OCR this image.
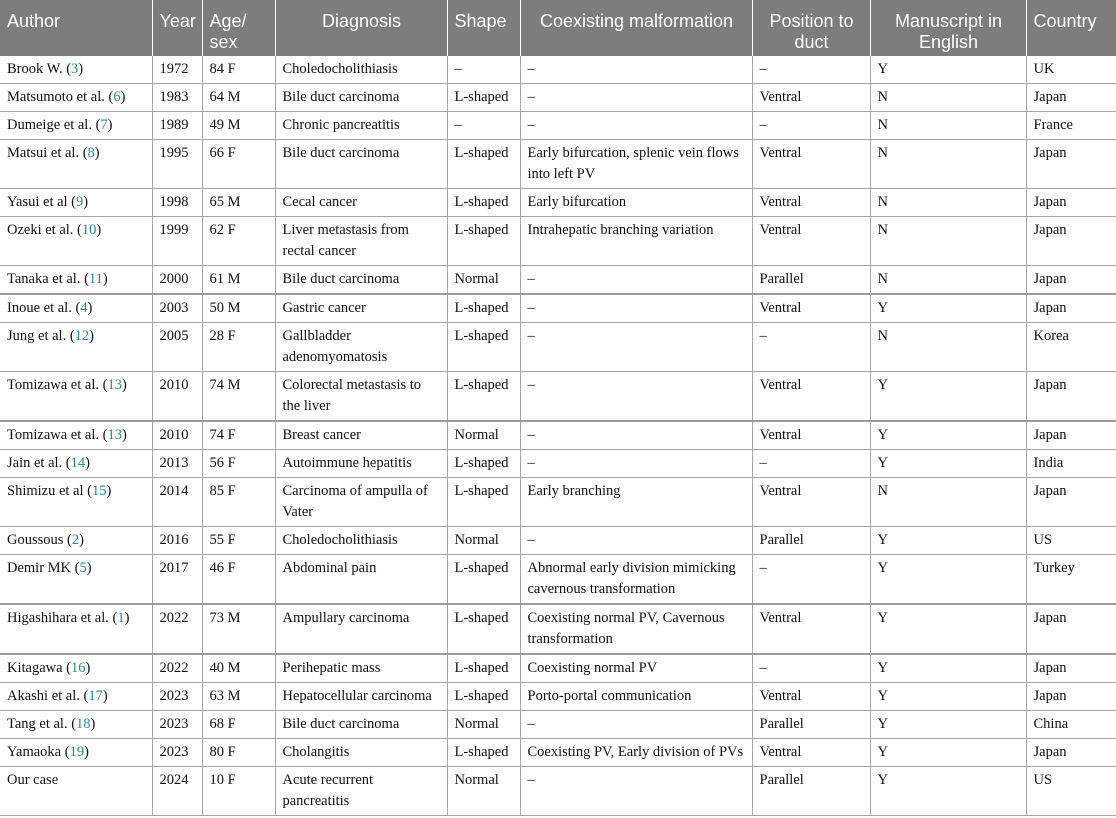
Author	Year	Age/ sex	Diagnosis	Shape	Coexisting malformation	Position to duct	Manuscript in English	Country
Brook W. (3)	1972	84 F	Choledocholithiasis	–	–	–	Y	UK
Matsumoto et al. (6)	1983	64 M	Bile duct carcinoma	L-shaped	–	Ventral	N	Japan
Dumeige et al. (7)	1989	49 M	Chronic pancreatitis	–	–	–	N	France
Matsui et al. (8)	1995	66 F	Bile duct carcinoma	L-shaped	Early bifurcation, splenic vein flows into left PV	Ventral	N	Japan
Yasui et al (9)	1998	65 M	Cecal cancer	L-shaped	Early bifurcation	Ventral	N	Japan
Ozeki et al. (10)	1999	62 F	Liver metastasis from rectal cancer	L-shaped	Intrahepatic branching variation	Ventral	N	Japan
Tanaka et al. (11)	2000	61 M	Bile duct carcinoma	Normal	–	Parallel	N	Japan
Inoue et al. (4)	2003	50 M	Gastric cancer	L-shaped	–	Ventral	Y	Japan
Jung et al. (12)	2005	28 F	Gallbladder adenomyomatosis	L-shaped	–	–	N	Korea
Tomizawa et al. (13)	2010	74 M	Colorectal metastasis to the liver	L-shaped	–	Ventral	Y	Japan
Tomizawa et al. (13)	2010	74 F	Breast cancer	Normal	–	Ventral	Y	Japan
Jain et al. (14)	2013	56 F	Autoimmune hepatitis	L-shaped	–	–	Y	India
Shimizu et al (15)	2014	85 F	Carcinoma of ampulla of Vater	L-shaped	Early branching	Ventral	N	Japan
Goussous (2)	2016	55 F	Choledocholithiasis	Normal	–	Parallel	Y	US
Demir MK (5)	2017	46 F	Abdominal pain	L-shaped	Abnormal early division mimicking cavernous transformation	–	Y	Turkey
Higashihara et al. (1)	2022	73 M	Ampullary carcinoma	L-shaped	Coexisting normal PV, Cavernous transformation	Ventral	Y	Japan
Kitagawa (16)	2022	40 M	Perihepatic mass	L-shaped	Coexisting normal PV	–	Y	Japan
Akashi et al. (17)	2023	63 M	Hepatocellular carcinoma	L-shaped	Porto-portal communication	Ventral	Y	Japan
Tang et al. (18)	2023	68 F	Bile duct carcinoma	Normal	–	Parallel	Y	China
Yamaoka (19)	2023	80 F	Cholangitis	L-shaped	Coexisting PV, Early division of PVs	Ventral	Y	Japan
Our case	2024	10 F	Acute recurrent pancreatitis	Normal	–	Parallel	Y	US
